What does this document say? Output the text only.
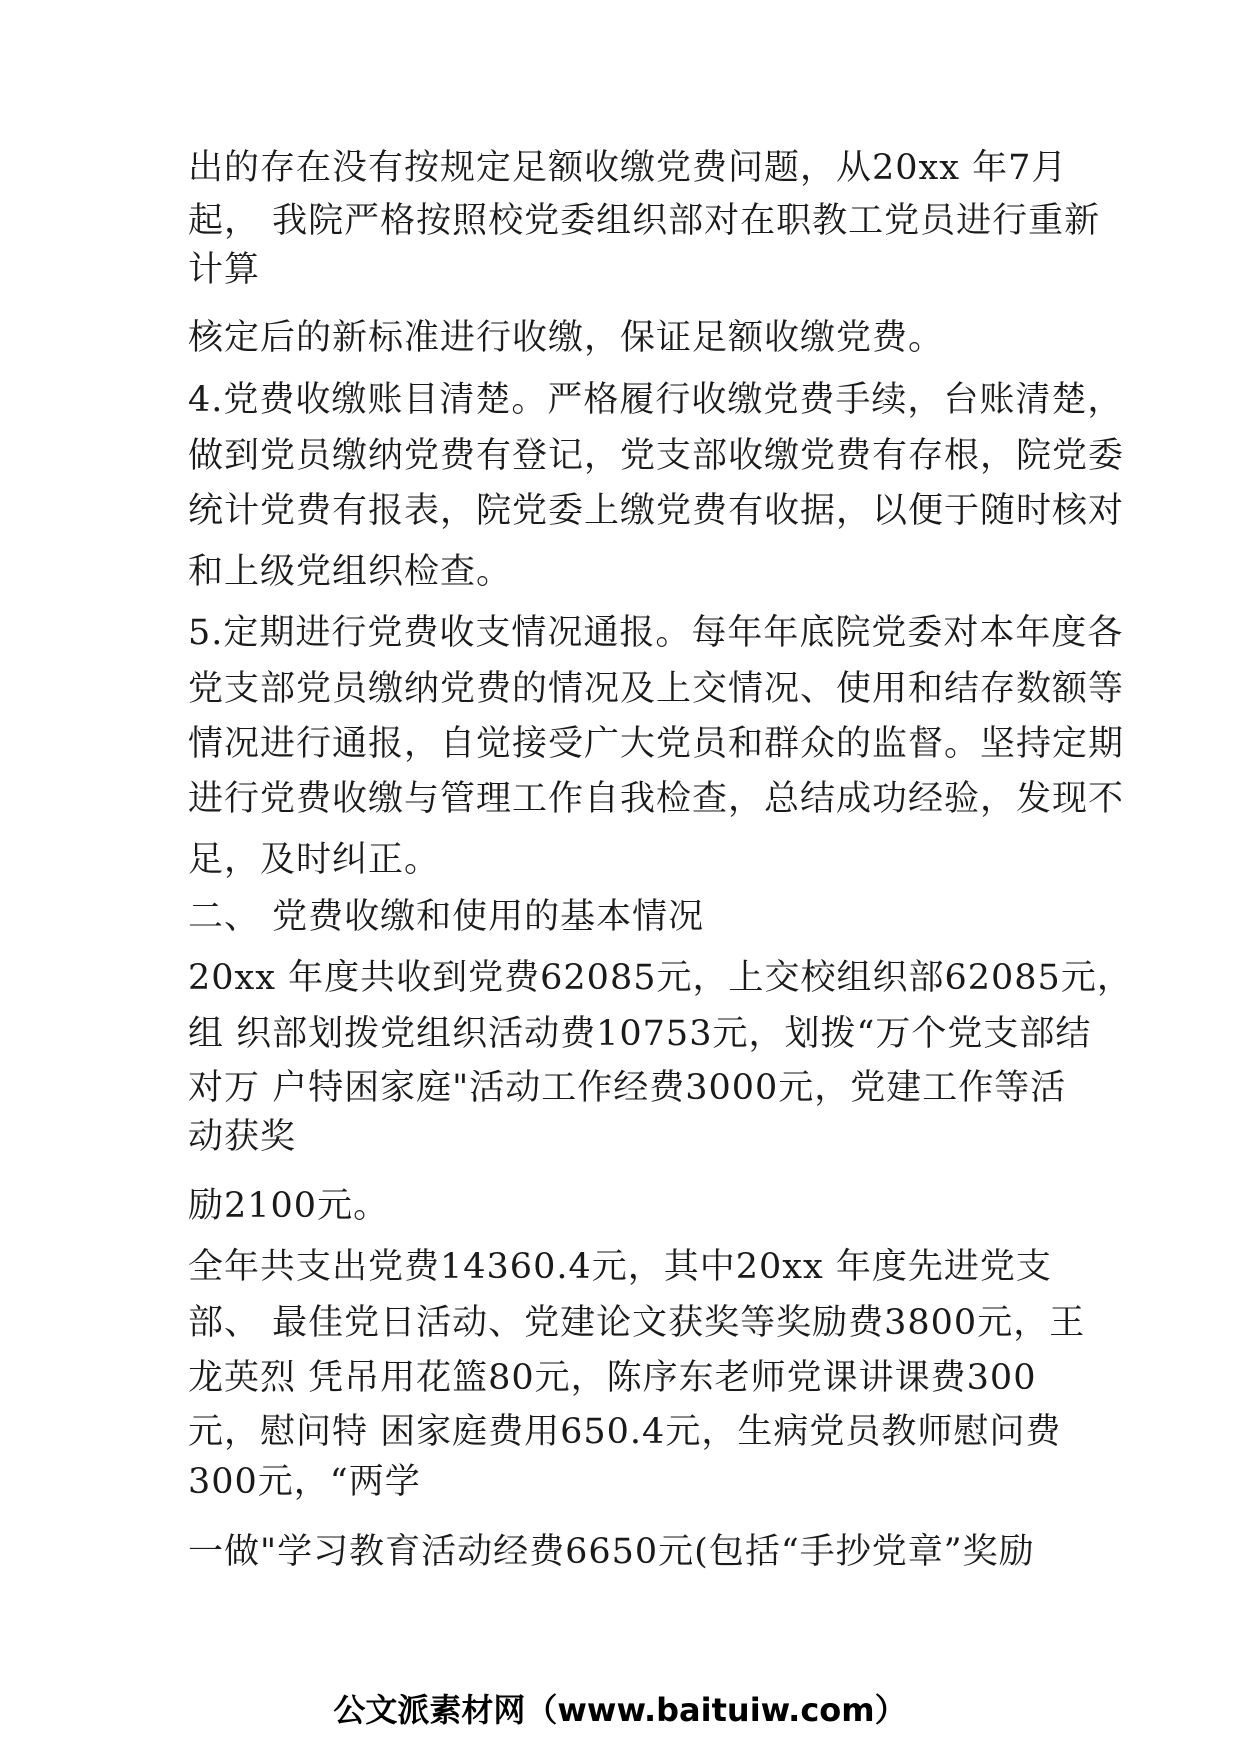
出的存在没有按规定足额收缴党费问题，从20xx 年7月
起， 我院严格按照校党委组织部对在职教工党员进行重新
计算
核定后的新标准进行收缴，保证足额收缴党费。
4.党费收缴账目清楚。严格履行收缴党费手续，台账清楚，
做到党员缴纳党费有登记，党支部收缴党费有存根，院党委
统计党费有报表，院党委上缴党费有收据，以便于随时核对
和上级党组织检查。
5.定期进行党费收支情况通报。每年年底院党委对本年度各
党支部党员缴纳党费的情况及上交情况、使用和结存数额等
情况进行通报，自觉接受广大党员和群众的监督。坚持定期
进行党费收缴与管理工作自我检查，总结成功经验，发现不
足，及时纠正。
二、 党费收缴和使用的基本情况
20xx 年度共收到党费62085元，上交校组织部62085元，
组 织部划拨党组织活动费10753元，划拨“万个党支部结
对万 户特困家庭"活动工作经费3000元，党建工作等活
动获奖
励2100元。
全年共支出党费14360.4元，其中20xx 年度先进党支
部、 最佳党日活动、党建论文获奖等奖励费3800元，王
龙英烈 凭吊用花篮80元，陈序东老师党课讲课费300
元，慰问特 困家庭费用650.4元，生病党员教师慰问费
300元，“两学
一做"学习教育活动经费6650元(包括“手抄党章”奖励
公文派素材网（www.baituiw.com）
